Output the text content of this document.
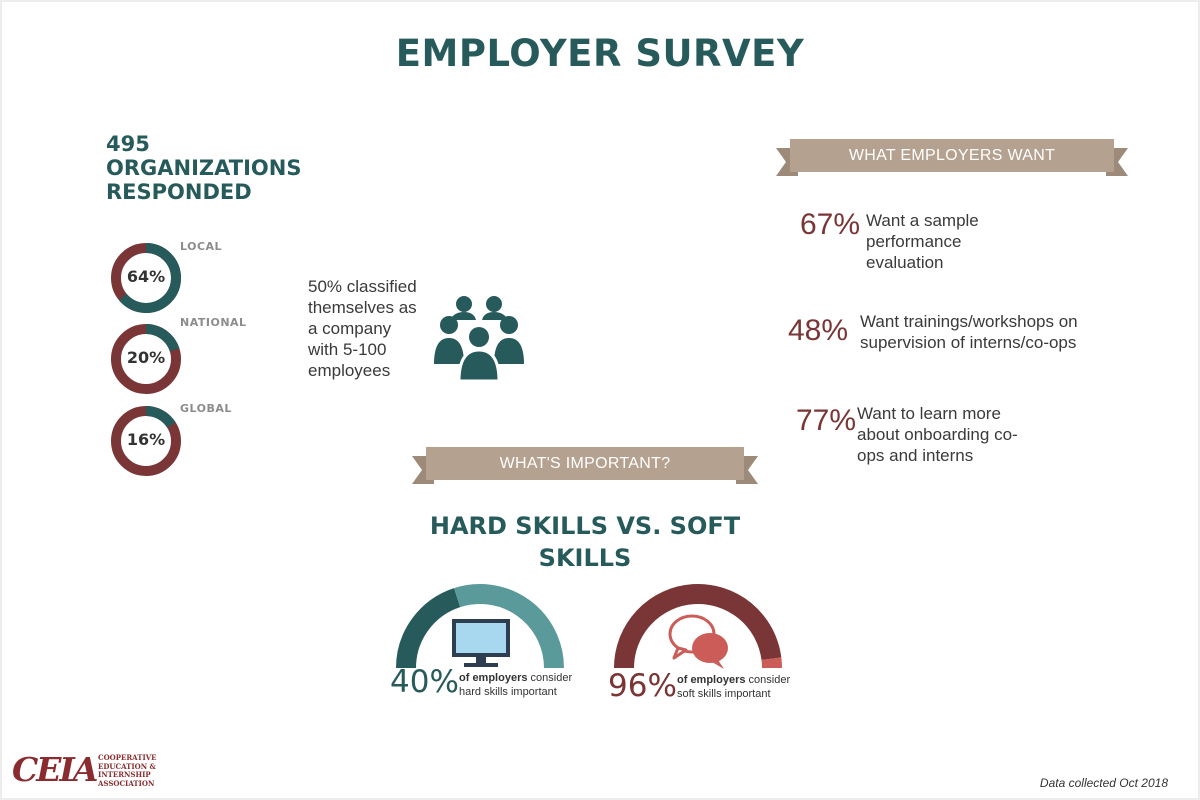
EMPLOYER SURVEY
495
ORGANIZATIONS
RESPONDED
64%
LOCAL
20%
NATIONAL
16%
GLOBAL
50% classified
themselves as
a company
with 5-100
employees
WHAT EMPLOYERS WANT
67% Want a sample
performance
evaluation
48% Want trainings/workshops on
supervision of interns/co-ops
77% Want to learn more
about onboarding co-
ops and interns
WHAT'S IMPORTANT?
HARD SKILLS VS. SOFT
SKILLS
40% of employers consider
hard skills important	96% of employers consider
soft skills important
CEIA COOPERATIVE
EDUCATION &
INTERNSHIP
ASSOCIATION	Data collected Oct 2018
